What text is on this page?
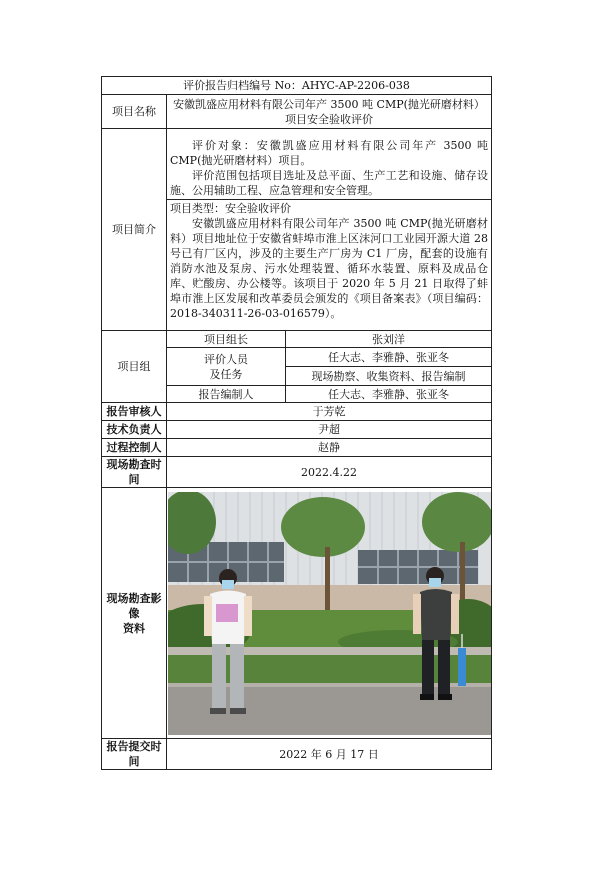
评价报告归档编号 No：AHYC-AP-2206-038		
项目名称	安徽凯盛应用材料有限公司年产 3500 吨 CMP(抛光研磨材料）
项目安全验收评价	

项目简介	评价对象：安徽凯盛应用材料有限公司年产 3500 吨 CMP(抛光研磨材料）项目。
评价范围包括项目选址及总平面、生产工艺和设施、储存设施、公用辅助工程、应急管理和安全管理。
项目类型：安全验收评价
安徽凯盛应用材料有限公司年产 3500 吨 CMP(抛光研磨材料）项目地址位于安徽省蚌埠市淮上区沫河口工业园开源大道 28 号已有厂区内，涉及的主要生产厂房为 C1 厂房，配套的设施有消防水池及泵房、污水处理装置、循环水装置、原料及成品仓库、贮酸房、办公楼等。该项目于 2020 年 5 月 21 日取得了蚌埠市淮上区发展和改革委员会颁发的《项目备案表》（项目编码：2018-340311-26-03-016579）。	

项目组	项目组长	张刘洋

	评价人员
及任务	任大志、李雅静、张亚冬
		现场勘察、收集资料、报告编制
	报告编制人	任大志、李雅静、张亚冬
报告审核人	于芳乾	
技术负责人	尹超	
过程控制人	赵静	
现场勘查时间	2022.4.22	

现场勘查影像
资料

报告提交时间	2022 年 6 月 17 日	
